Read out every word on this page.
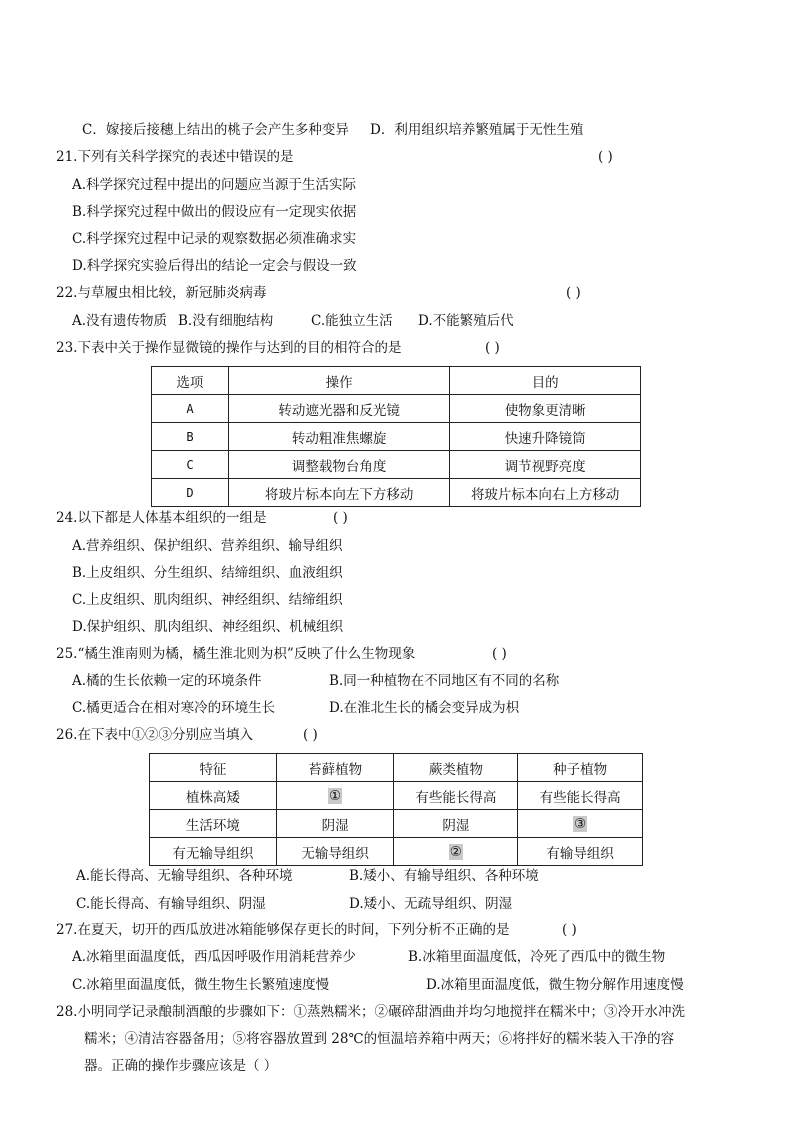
C．嫁接后接穗上结出的桃子会产生多种变异 D．利用组织培养繁殖属于无性生殖
21.下列有关科学探究的表述中错误的是	( )
A.科学探究过程中提出的问题应当源于生活实际
B.科学探究过程中做出的假设应有一定现实依据
C.科学探究过程中记录的观察数据必须准确求实
D.科学探究实验后得出的结论一定会与假设一致
22.与草履虫相比较，新冠肺炎病毒	( )
A.没有遗传物质 B.没有细胞结构	C.能独立生活 D.不能繁殖后代
23.下表中关于操作显微镜的操作与达到的目的相符合的是	( )
选项	操作	目的
A	转动遮光器和反光镜	使物象更清晰
B	转动粗准焦螺旋	快速升降镜筒
C	调整载物台角度	调节视野亮度
D	将玻片标本向左下方移动	将玻片标本向右上方移动
24.以下都是人体基本组织的一组是	( )
A.营养组织、保护组织、营养组织、输导组织
B.上皮组织、分生组织、结缔组织、血液组织
C.上皮组织、肌肉组织、神经组织、结缔组织
D.保护组织、肌肉组织、神经组织、机械组织
25.“橘生淮南则为橘，橘生淮北则为枳”反映了什么生物现象	( )
A.橘的生长依赖一定的环境条件	B.同一种植物在不同地区有不同的名称
C.橘更适合在相对寒冷的环境生长	D.在淮北生长的橘会变异成为枳
26.在下表中①②③分别应当填入	( )
特征	苔藓植物	蕨类植物	种子植物
植株高矮	①	有些能长得高	有些能长得高
生活环境	阴湿	阴湿	③
有无输导组织	无输导组织	②	有输导组织
A.能长得高、无输导组织、各种环境	B.矮小、有输导组织、各种环境
C.能长得高、有输导组织、阴湿	D.矮小、无疏导组织、阴湿
27.在夏天，切开的西瓜放进冰箱能够保存更长的时间，下列分析不正确的是	( )
A.冰箱里面温度低，西瓜因呼吸作用消耗营养少	B.冰箱里面温度低，冷死了西瓜中的微生物
C.冰箱里面温度低，微生物生长繁殖速度慢	D.冰箱里面温度低，微生物分解作用速度慢
28.小明同学记录酿制酒酿的步骤如下：①蒸熟糯米；②碾碎甜酒曲并均匀地搅拌在糯米中；③冷开水冲洗
糯米；④清洁容器备用；⑤将容器放置到 28℃的恒温培养箱中两天；⑥将拌好的糯米装入干净的容
器。正确的操作步骤应该是（ ）
